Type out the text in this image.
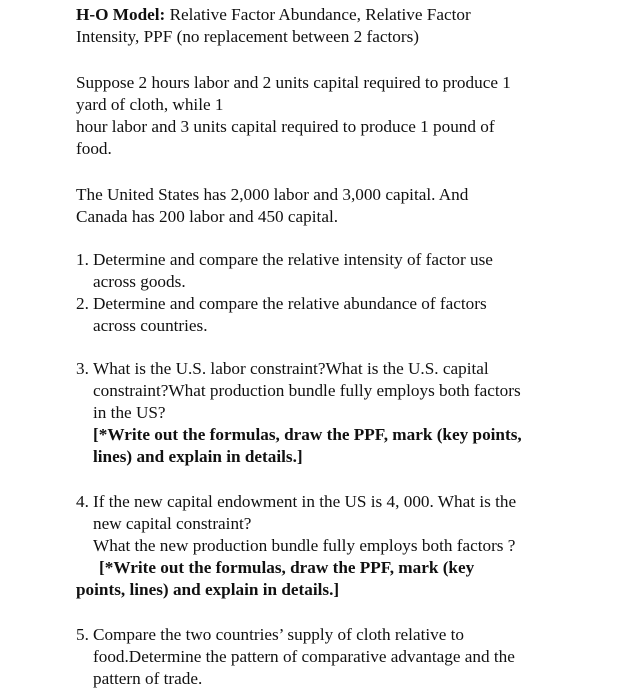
H-O Model: Relative Factor Abundance, Relative Factor
Intensity, PPF (no replacement between 2 factors)

Suppose 2 hours labor and 2 units capital required to produce 1
yard of cloth, while 1
hour labor and 3 units capital required to produce 1 pound of
food.

The United States has 2,000 labor and 3,000 capital. And
Canada has 200 labor and 450 capital.

1. Determine and compare the relative intensity of factor use
across goods.
2. Determine and compare the relative abundance of factors
across countries.
3. What is the U.S. labor constraint?What is the U.S. capital
constraint?What production bundle fully employs both factors
in the US?
[*Write out the formulas, draw the PPF, mark (key points,
lines) and explain in details.]
4. If the new capital endowment in the US is 4, 000. What is the
new capital constraint?
What the new production bundle fully employs both factors ?
[*Write out the formulas, draw the PPF, mark (key
points, lines) and explain in details.]
5. Compare the two countries’ supply of cloth relative to
food.Determine the pattern of comparative advantage and the
pattern of trade.
